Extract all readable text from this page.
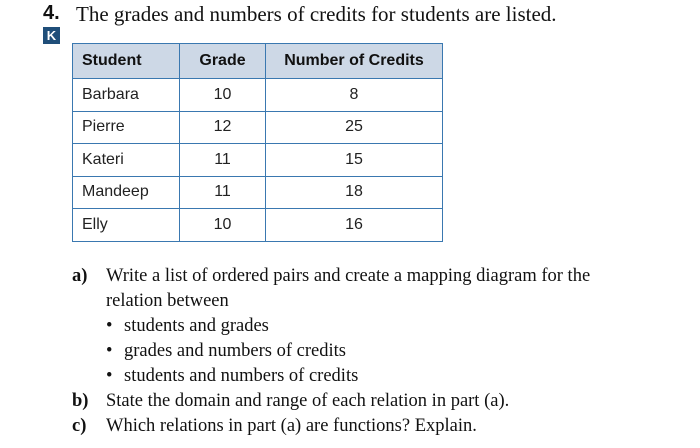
4. The grades and numbers of credits for students are listed.
K
Student	Grade	Number of Credits
Barbara	10	8
Pierre	12	25
Kateri	11	15
Mandeep	11	18
Elly	10	16
a) Write a list of ordered pairs and create a mapping diagram for the
relation between
• students and grades
• grades and numbers of credits
• students and numbers of credits
b) State the domain and range of each relation in part (a).
c) Which relations in part (a) are functions? Explain.
